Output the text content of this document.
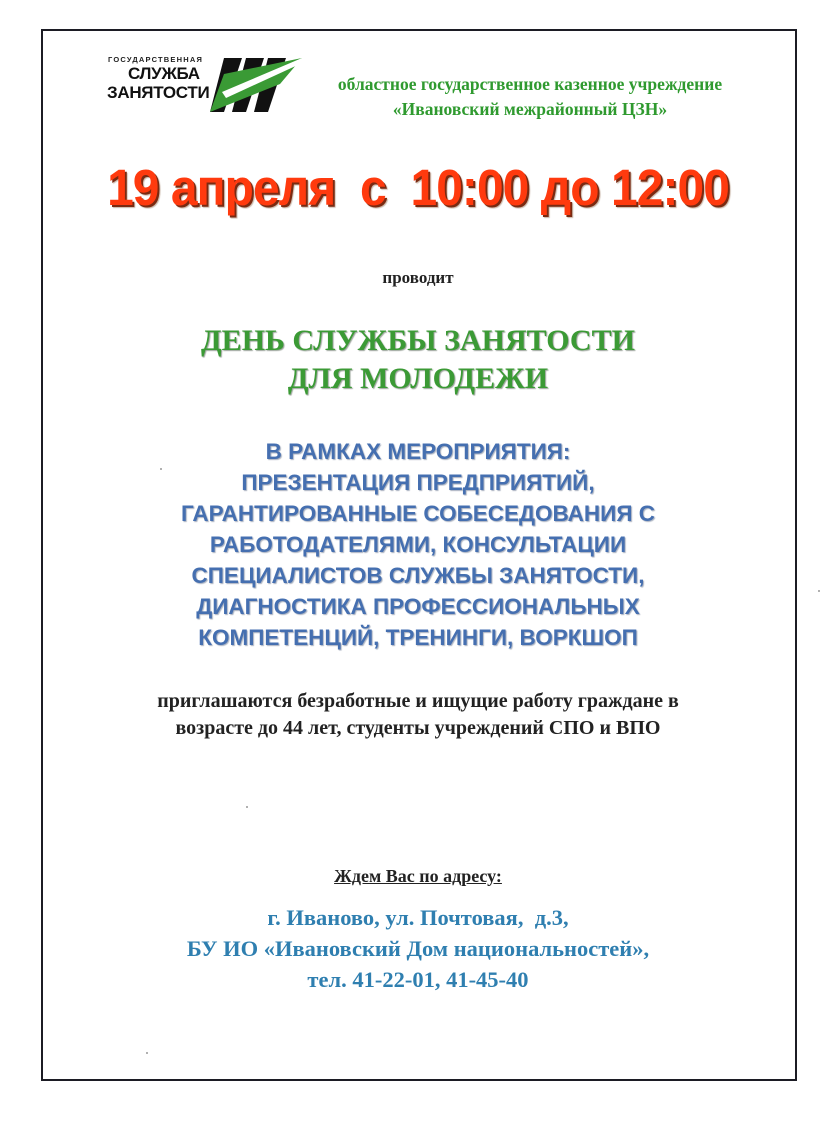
ГОСУДАРСТВЕННАЯ
СЛУЖБА
ЗАНЯТОСТИ	областное государственное казенное учреждение
«Ивановский межрайонный ЦЗН»
19 апреля  с  10:00 до 12:00
проводит
ДЕНЬ СЛУЖБЫ ЗАНЯТОСТИ
ДЛЯ МОЛОДЕЖИ
В РАМКАХ МЕРОПРИЯТИЯ:
ПРЕЗЕНТАЦИЯ ПРЕДПРИЯТИЙ,
ГАРАНТИРОВАННЫЕ СОБЕСЕДОВАНИЯ С
РАБОТОДАТЕЛЯМИ, КОНСУЛЬТАЦИИ
СПЕЦИАЛИСТОВ СЛУЖБЫ ЗАНЯТОСТИ,
ДИАГНОСТИКА ПРОФЕССИОНАЛЬНЫХ
КОМПЕТЕНЦИЙ, ТРЕНИНГИ, ВОРКШОП
приглашаются безработные и ищущие работу граждане в
возрасте до 44 лет, студенты учреждений СПО и ВПО
Ждем Вас по адресу:
г. Иваново, ул. Почтовая,  д.3,
БУ ИО «Ивановский Дом национальностей»,
тел. 41-22-01, 41-45-40
